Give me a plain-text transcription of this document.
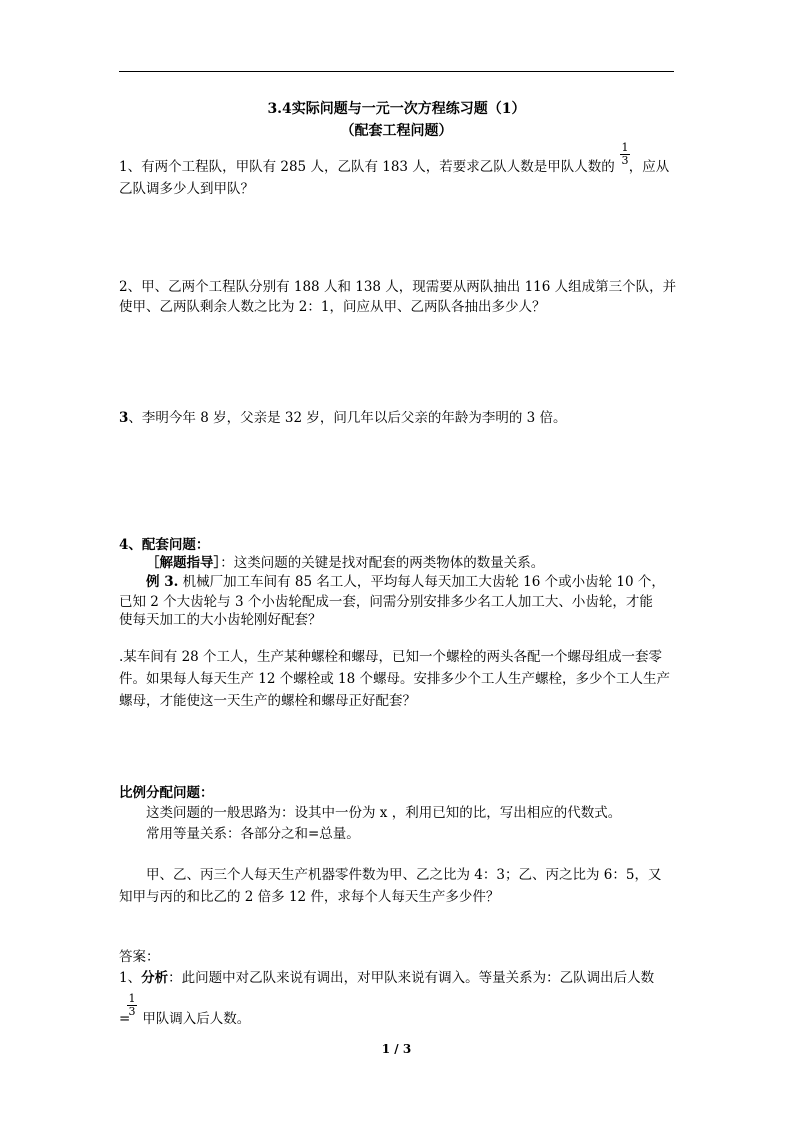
3.4实际问题与一元一次方程练习题（1）
（配套工程问题）
1、有两个工程队，甲队有 285 人，乙队有 183 人，若要求乙队人数是甲队人数的 ，应从
1
3
乙队调多少人到甲队？
2、甲、乙两个工程队分别有 188 人和 138 人，现需要从两队抽出 116 人组成第三个队，并
使甲、乙两队剩余人数之比为 2：1，问应从甲、乙两队各抽出多少人？
3、李明今年 8 岁，父亲是 32 岁，问几年以后父亲的年龄为李明的 3 倍。
4、配套问题：
［解题指导］：这类问题的关键是找对配套的两类物体的数量关系。
例 3. 机械厂加工车间有 85 名工人，平均每人每天加工大齿轮 16 个或小齿轮 10 个，
已知 2 个大齿轮与 3 个小齿轮配成一套，问需分别安排多少名工人加工大、小齿轮，才能
使每天加工的大小齿轮刚好配套？
.某车间有 28 个工人，生产某种螺栓和螺母，已知一个螺栓的两头各配一个螺母组成一套零
件。如果每人每天生产 12 个螺栓或 18 个螺母。安排多少个工人生产螺栓，多少个工人生产
螺母，才能使这一天生产的螺栓和螺母正好配套？
比例分配问题：
这类问题的一般思路为：设其中一份为 x ，利用已知的比，写出相应的代数式。
常用等量关系：各部分之和=总量。
甲、乙、丙三个人每天生产机器零件数为甲、乙之比为 4：3；乙、丙之比为 6：5，又
知甲与丙的和比乙的 2 倍多 12 件，求每个人每天生产多少件？
答案：
1、分析：此问题中对乙队来说有调出，对甲队来说有调入。等量关系为：乙队调出后人数
= 甲队调入后人数。
1
3
1 / 3
